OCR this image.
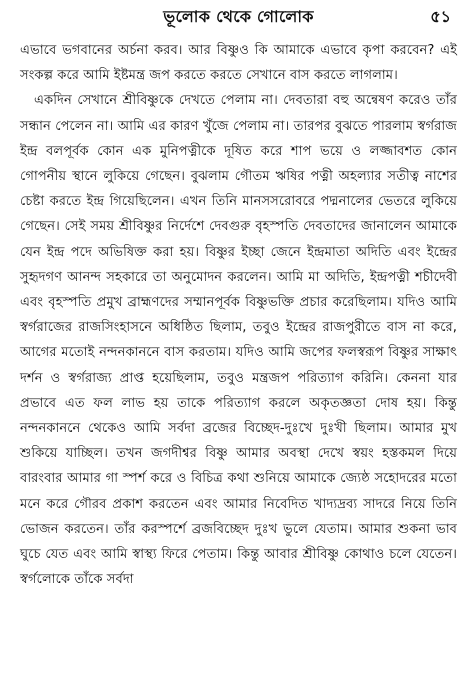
ভূলোক থেকে গোলোক	৫১

এভাবে ভগবানের অর্চনা করব। আর বিষ্ণুও কি আমাকে এভাবে কৃপা করবেন? এই সংকল্প করে আমি ইষ্টমন্ত্র জপ করতে করতে সেখানে বাস করতে লাগলাম।

একদিন সেখানে শ্রীবিষ্ণুকে দেখতে পেলাম না। দেবতারা বহু অন্বেষণ করেও তাঁর সন্ধান পেলেন না। আমি এর কারণ খুঁজে পেলাম না। তারপর বুঝতে পারলাম স্বর্গরাজ ইন্দ্র বলপূর্বক কোন এক মুনিপত্নীকে দূষিত করে শাপ ভয়ে ও লজ্জাবশত কোন গোপনীয় স্থানে লুকিয়ে গেছেন। বুঝলাম গৌতম ঋষির পত্নী অহল্যার সতীত্ব নাশের চেষ্টা করতে ইন্দ্র গিয়েছিলেন। এখন তিনি মানসসরোবরে পদ্মনালের ভেতরে লুকিয়ে গেছেন। সেই সময় শ্রীবিষ্ণুর নির্দেশে দেবগুরু বৃহস্পতি দেবতাদের জানালেন আমাকে যেন ইন্দ্র পদে অভিষিক্ত করা হয়। বিষ্ণুর ইচ্ছা জেনে ইন্দ্রমাতা অদিতি এবং ইন্দ্রের সুহৃদগণ আনন্দ সহকারে তা অনুমোদন করলেন। আমি মা অদিতি, ইন্দ্রপত্নী শচীদেবী এবং বৃহস্পতি প্রমুখ ব্রাহ্মণদের সম্মানপূর্বক বিষ্ণুভক্তি প্রচার করেছিলাম। যদিও আমি স্বর্গরাজের রাজসিংহাসনে অধিষ্ঠিত ছিলাম, তবুও ইন্দ্রের রাজপুরীতে বাস না করে, আগের মতোই নন্দনকাননে বাস করতাম। যদিও আমি জপের ফলস্বরূপ বিষ্ণুর সাক্ষাৎ দর্শন ও স্বর্গরাজ্য প্রাপ্ত হয়েছিলাম, তবুও মন্ত্রজপ পরিত্যাগ করিনি। কেননা যার প্রভাবে এত ফল লাভ হয় তাকে পরিত্যাগ করলে অকৃতজ্ঞতা দোষ হয়। কিন্তু নন্দনকাননে থেকেও আমি সর্বদা ব্রজের বিচ্ছেদ-দুঃখে দুঃখী ছিলাম। আমার মুখ শুকিয়ে যাচ্ছিল। তখন জগদীশ্বর বিষ্ণু আমার অবস্থা দেখে স্বয়ং হস্তকমল দিয়ে বারংবার আমার গা স্পর্শ করে ও বিচিত্র কথা শুনিয়ে আমাকে জ্যেষ্ঠ সহোদরের মতো মনে করে গৌরব প্রকাশ করতেন এবং আমার নিবেদিত খাদ্যদ্রব্য সাদরে নিয়ে তিনি ভোজন করতেন। তাঁর করস্পর্শে ব্রজবিচ্ছেদ দুঃখ ভুলে যেতাম। আমার শুকনা ভাব ঘুচে যেত এবং আমি স্বাস্থ্য ফিরে পেতাম। কিন্তু আবার শ্রীবিষ্ণু কোথাও চলে যেতেন। স্বর্গলোকে তাঁকে সর্বদা
